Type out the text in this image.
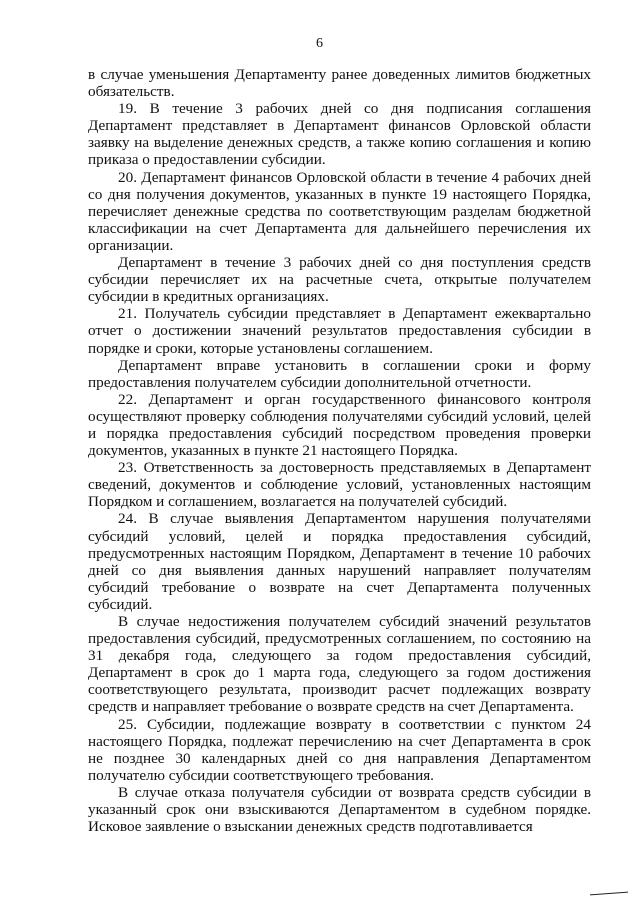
6

в случае уменьшения Департаменту ранее доведенных лимитов бюджетных обязательств.

19. В течение 3 рабочих дней со дня подписания соглашения Департамент представляет в Департамент финансов Орловской области заявку на выделение денежных средств, а также копию соглашения и копию приказа о предоставлении субсидии.

20. Департамент финансов Орловской области в течение 4 рабочих дней со дня получения документов, указанных в пункте 19 настоящего Порядка, перечисляет денежные средства по соответствующим разделам бюджетной классификации на счет Департамента для дальнейшего перечисления их организации.

Департамент в течение 3 рабочих дней со дня поступления средств субсидии перечисляет их на расчетные счета, открытые получателем субсидии в кредитных организациях.

21. Получатель субсидии представляет в Департамент ежеквартально отчет о достижении значений результатов предоставления субсидии в порядке и сроки, которые установлены соглашением.

Департамент вправе установить в соглашении сроки и форму предоставления получателем субсидии дополнительной отчетности.

22. Департамент и орган государственного финансового контроля осуществляют проверку соблюдения получателями субсидий условий, целей и порядка предоставления субсидий посредством проведения проверки документов, указанных в пункте 21 настоящего Порядка.

23. Ответственность за достоверность представляемых в Департамент сведений, документов и соблюдение условий, установленных настоящим Порядком и соглашением, возлагается на получателей субсидий.

24. В случае выявления Департаментом нарушения получателями субсидий условий, целей и порядка предоставления субсидий, предусмотренных настоящим Порядком, Департамент в течение 10 рабочих дней со дня выявления данных нарушений направляет получателям субсидий требование о возврате на счет Департамента полученных субсидий.

В случае недостижения получателем субсидий значений результатов предоставления субсидий, предусмотренных соглашением, по состоянию на 31 декабря года, следующего за годом предоставления субсидий, Департамент в срок до 1 марта года, следующего за годом достижения соответствующего результата, производит расчет подлежащих возврату средств и направляет требование о возврате средств на счет Департамента.

25. Субсидии, подлежащие возврату в соответствии с пунктом 24 настоящего Порядка, подлежат перечислению на счет Департамента в срок не позднее 30 календарных дней со дня направления Департаментом получателю субсидии соответствующего требования.

В случае отказа получателя субсидии от возврата средств субсидии в указанный срок они взыскиваются Департаментом в судебном порядке. Исковое заявление о взыскании денежных средств подготавливается
